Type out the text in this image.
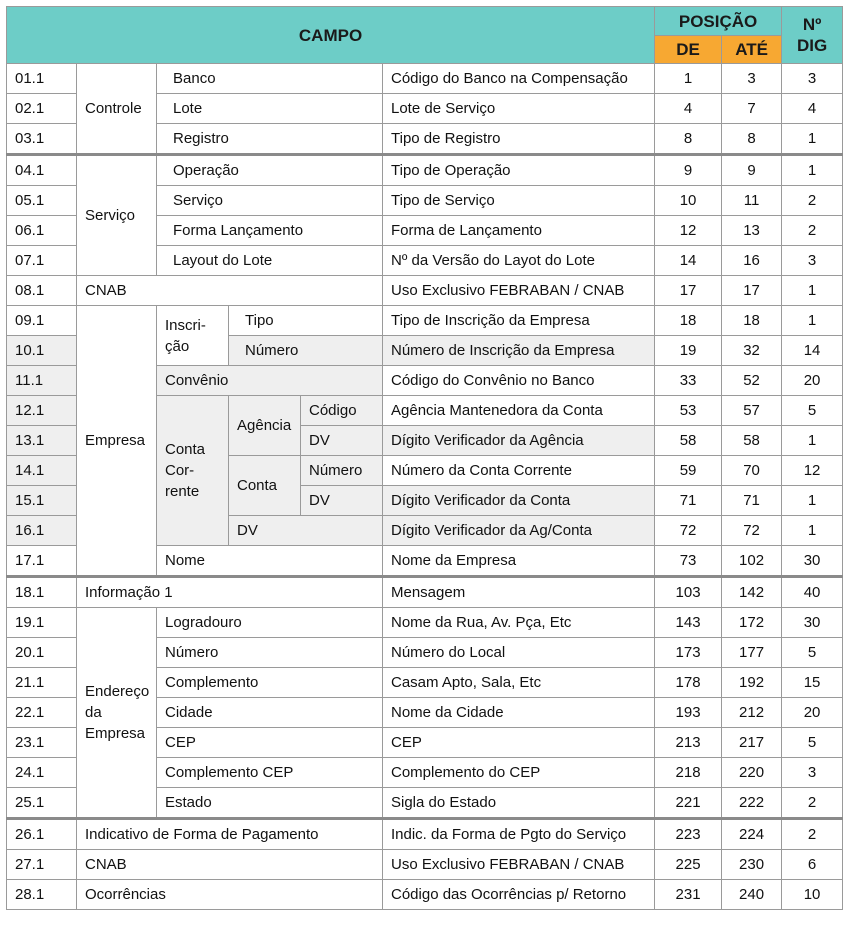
CAMPO						POSIÇÃO		Nº DIG
						DE	ATÉ	
01.1	Controle	Banco			Código do Banco na Compensação	1	3	3
02.1		Lote			Lote de Serviço	4	7	4
03.1		Registro			Tipo de Registro	8	8	1
04.1	Serviço	Operação			Tipo de Operação	9	9	1
05.1		Serviço			Tipo de Serviço	10	11	2
06.1		Forma Lançamento			Forma de Lançamento	12	13	2
07.1		Layout do Lote			Nº da Versão do Layot do Lote	14	16	3
08.1	CNAB				Uso Exclusivo FEBRABAN / CNAB	17	17	1
09.1	Empresa	Inscri-ção	Tipo		Tipo de Inscrição da Empresa	18	18	1
10.1			Número		Número de Inscrição da Empresa	19	32	14
11.1		Convênio			Código do Convênio no Banco	33	52	20
12.1		Conta Cor-rente	Agência	Código	Agência Mantenedora da Conta	53	57	5
13.1				DV	Dígito Verificador da Agência	58	58	1
14.1			Conta	Número	Número da Conta Corrente	59	70	12
15.1				DV	Dígito Verificador da Conta	71	71	1
16.1			DV		Dígito Verificador da Ag/Conta	72	72	1
17.1		Nome			Nome da Empresa	73	102	30
18.1	Informação 1				Mensagem	103	142	40
19.1	Endereço da Empresa	Logradouro			Nome da Rua, Av. Pça, Etc	143	172	30
20.1		Número			Número do Local	173	177	5
21.1		Complemento			Casam Apto, Sala, Etc	178	192	15
22.1		Cidade			Nome da Cidade	193	212	20
23.1		CEP			CEP	213	217	5
24.1		Complemento CEP			Complemento do CEP	218	220	3
25.1		Estado			Sigla do Estado	221	222	2
26.1	Indicativo de Forma de Pagamento				Indic. da Forma de Pgto do Serviço	223	224	2
27.1	CNAB				Uso Exclusivo FEBRABAN / CNAB	225	230	6
28.1	Ocorrências				Código das Ocorrências p/ Retorno	231	240	10
